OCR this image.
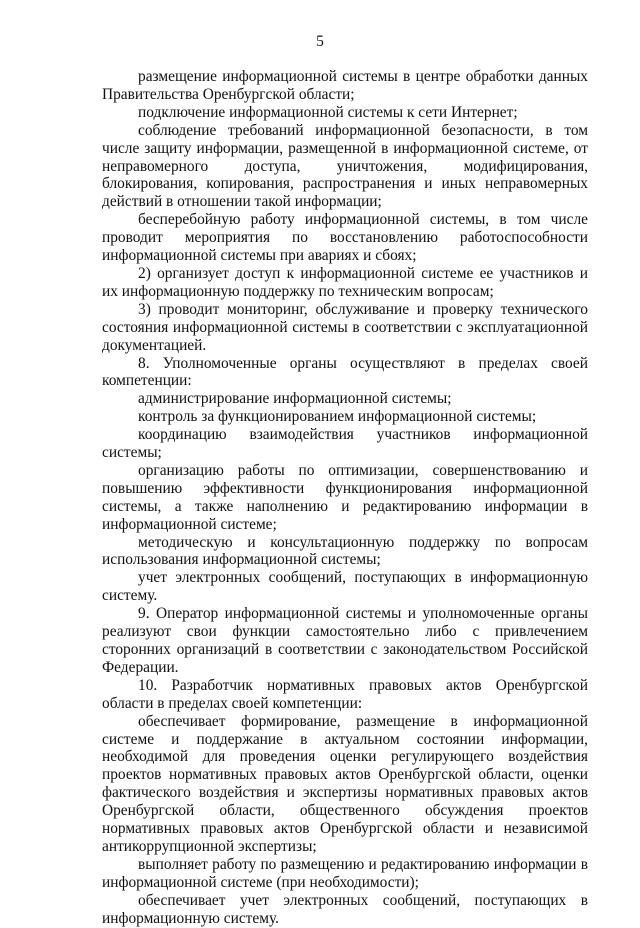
5

размещение информационной системы в центре обработки данных Правительства Оренбургской области;

подключение информационной системы к сети Интернет;

соблюдение требований информационной безопасности, в том числе защиту информации, размещенной в информационной системе, от неправомерного доступа, уничтожения, модифицирования, блокирования, копирования, распространения и иных неправомерных действий в отношении такой информации;

бесперебойную работу информационной системы, в том числе проводит мероприятия по восстановлению работоспособности информационной системы при авариях и сбоях;

2) организует доступ к информационной системе ее участников и их информационную поддержку по техническим вопросам;

3) проводит мониторинг, обслуживание и проверку технического состояния информационной системы в соответствии с эксплуатационной документацией.

8. Уполномоченные органы осуществляют в пределах своей компетенции:

администрирование информационной системы;

контроль за функционированием информационной системы;

координацию взаимодействия участников информационной системы;

организацию работы по оптимизации, совершенствованию и повышению эффективности функционирования информационной системы, а также наполнению и редактированию информации в информационной системе;

методическую и консультационную поддержку по вопросам использования информационной системы;

учет электронных сообщений, поступающих в информационную систему.

9. Оператор информационной системы и уполномоченные органы реализуют свои функции самостоятельно либо с привлечением сторонних организаций в соответствии с законодательством Российской Федерации.

10. Разработчик нормативных правовых актов Оренбургской области в пределах своей компетенции:

обеспечивает формирование, размещение в информационной системе и поддержание в актуальном состоянии информации, необходимой для проведения оценки регулирующего воздействия проектов нормативных правовых актов Оренбургской области, оценки фактического воздействия и экспертизы нормативных правовых актов Оренбургской области, общественного обсуждения проектов нормативных правовых актов Оренбургской области и независимой антикоррупционной экспертизы;

выполняет работу по размещению и редактированию информации в информационной системе (при необходимости);

обеспечивает учет электронных сообщений, поступающих в информационную систему.
